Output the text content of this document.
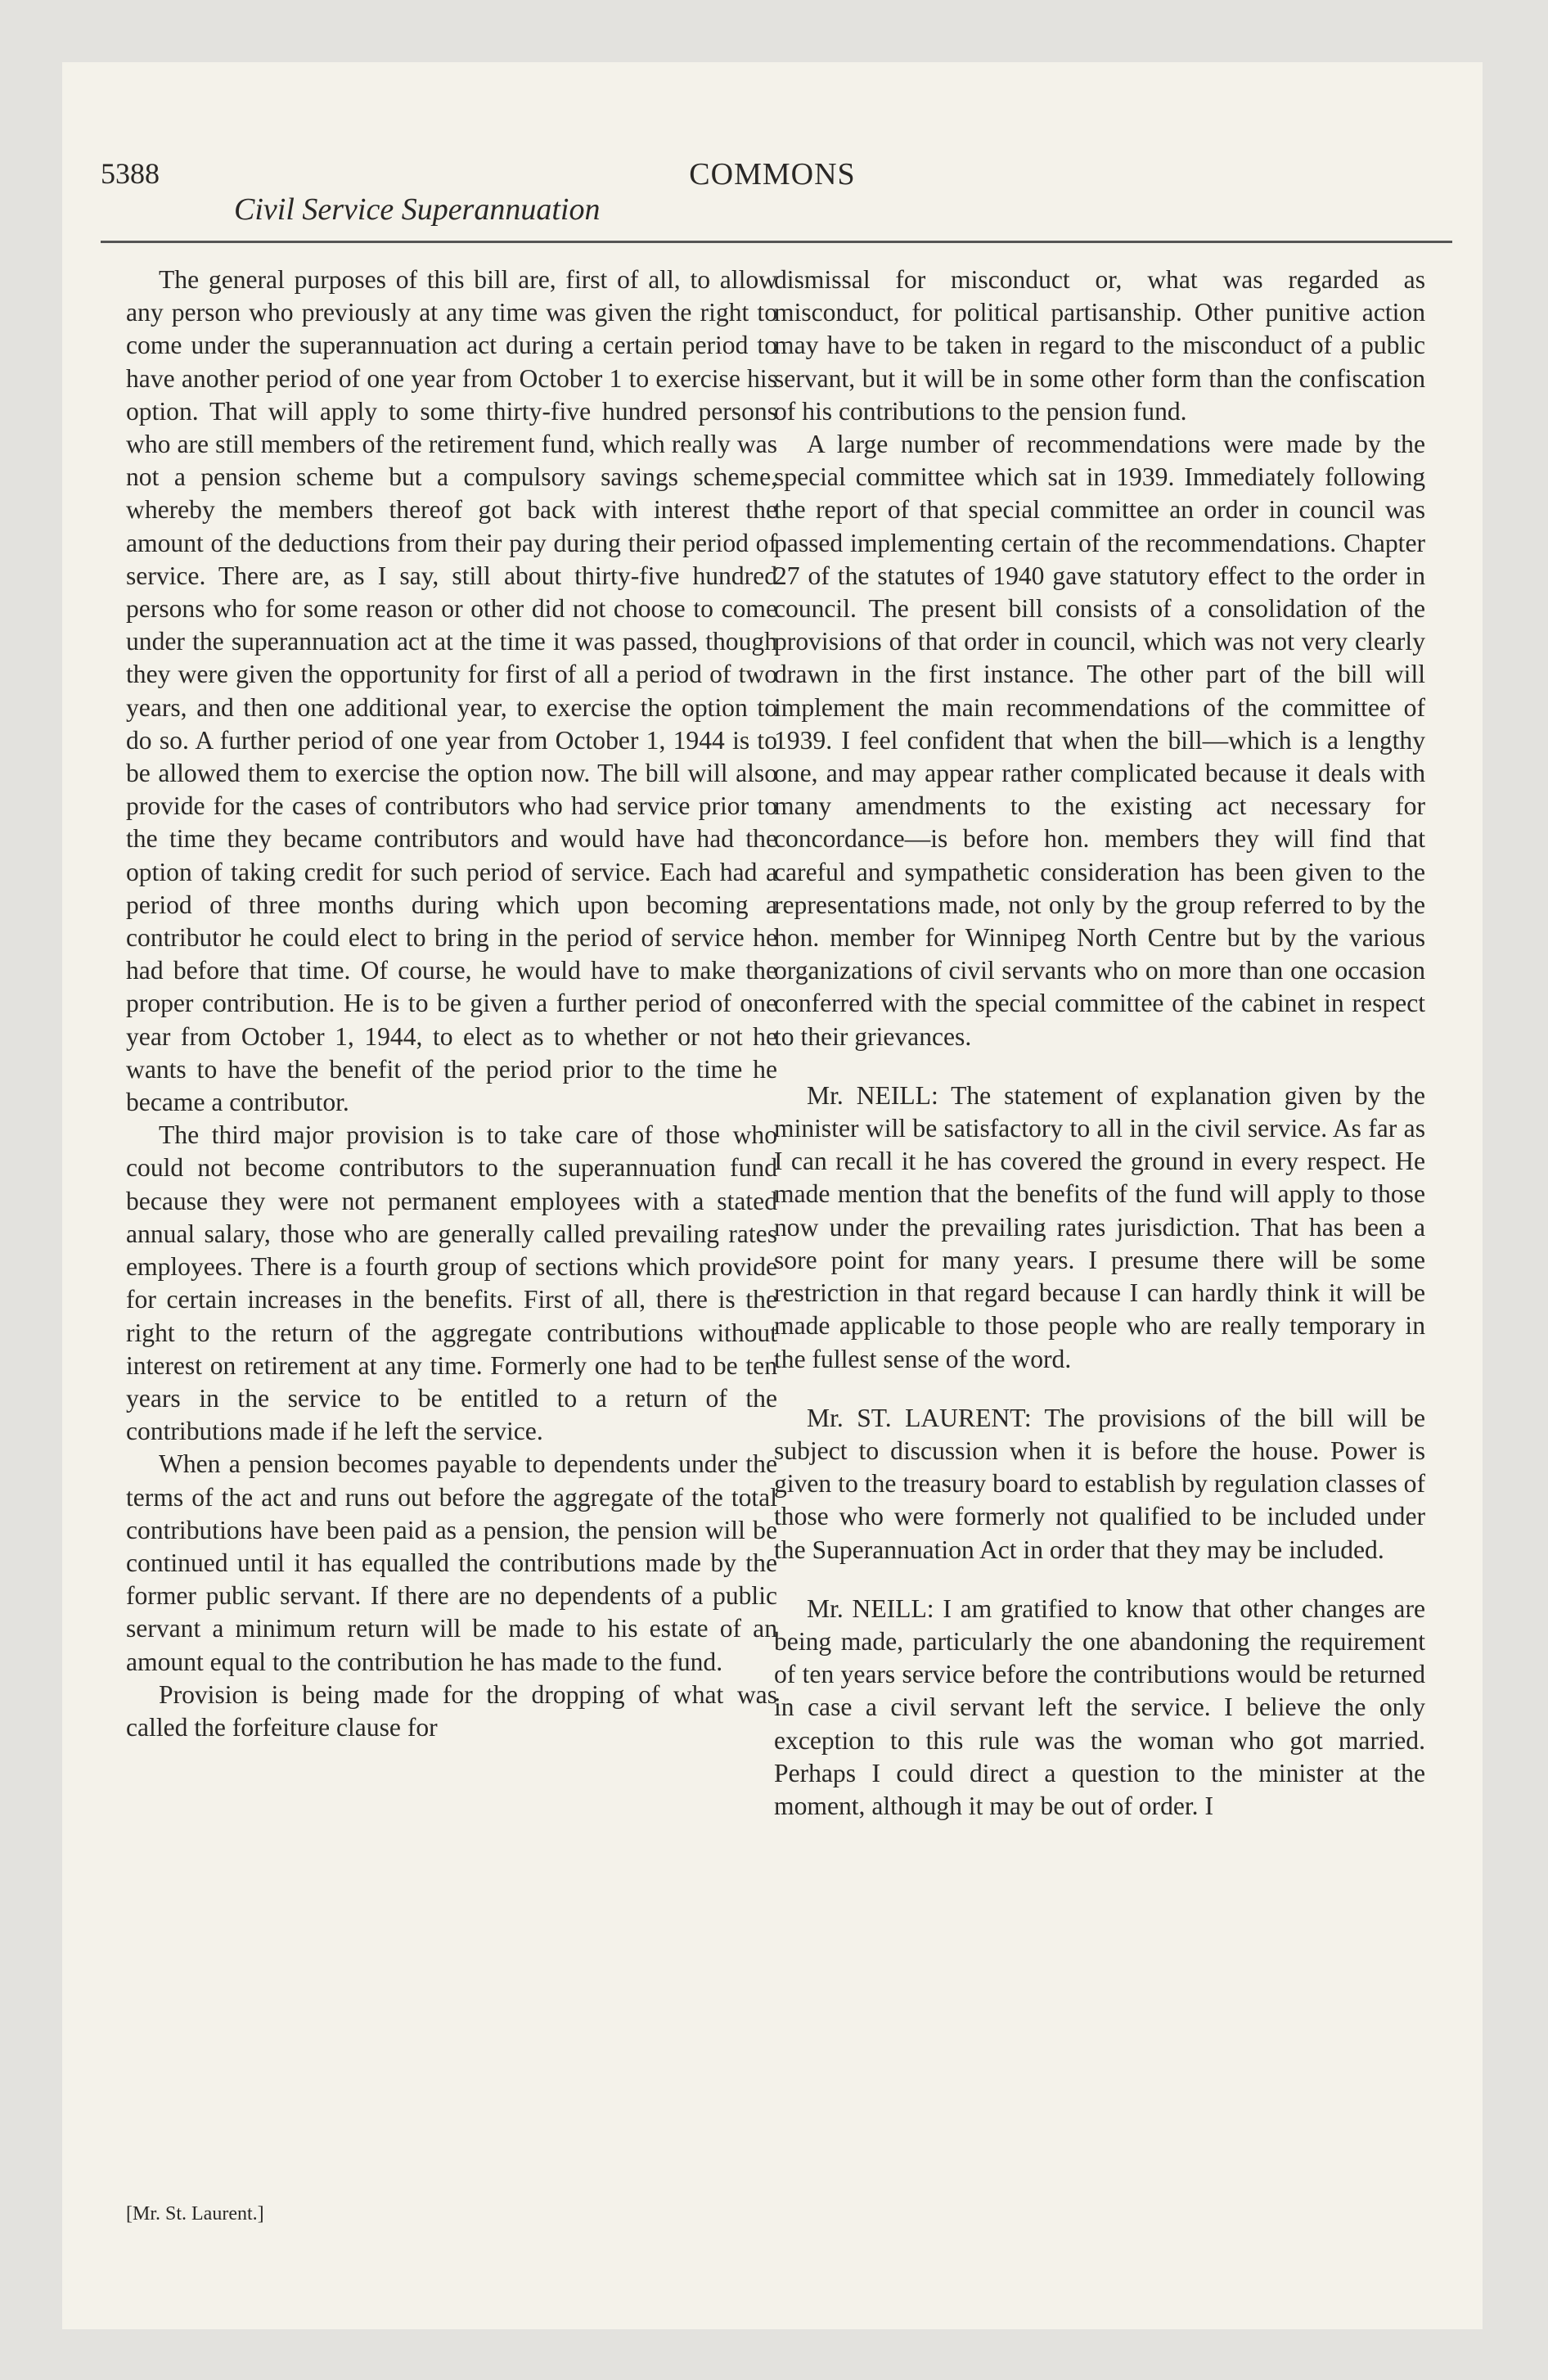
5388	COMMONS
Civil Service Superannuation

The general purposes of this bill are, first of all, to allow any person who previously at any time was given the right to come under the superannuation act during a certain period to have another period of one year from October 1 to exercise his option. That will apply to some thirty-five hundred persons who are still members of the retirement fund, which really was not a pension scheme but a compulsory savings scheme, whereby the members thereof got back with interest the amount of the deductions from their pay during their period of service. There are, as I say, still about thirty-five hundred persons who for some reason or other did not choose to come under the superannuation act at the time it was passed, though they were given the opportunity for first of all a period of two years, and then one additional year, to exercise the option to do so. A further period of one year from October 1, 1944 is to be allowed them to exercise the option now. The bill will also provide for the cases of contributors who had service prior to the time they became contributors and would have had the option of taking credit for such period of service. Each had a period of three months during which upon becoming a contributor he could elect to bring in the period of service he had before that time. Of course, he would have to make the proper contribution. He is to be given a further period of one year from October 1, 1944, to elect as to whether or not he wants to have the benefit of the period prior to the time he became a contributor.

The third major provision is to take care of those who could not become contributors to the superannuation fund because they were not permanent employees with a stated annual salary, those who are generally called prevailing rates employees. There is a fourth group of sections which provide for certain increases in the benefits. First of all, there is the right to the return of the aggregate contributions without interest on retirement at any time. Formerly one had to be ten years in the service to be entitled to a return of the contributions made if he left the service.

When a pension becomes payable to dependents under the terms of the act and runs out before the aggregate of the total contributions have been paid as a pension, the pension will be continued until it has equalled the contributions made by the former public servant. If there are no dependents of a public servant a minimum return will be made to his estate of an amount equal to the contribution he has made to the fund.

Provision is being made for the dropping of what was called the forfeiture clause for

dismissal for misconduct or, what was regarded as misconduct, for political partisanship. Other punitive action may have to be taken in regard to the misconduct of a public servant, but it will be in some other form than the confiscation of his contributions to the pension fund.

A large number of recommendations were made by the special committee which sat in 1939. Immediately following the report of that special committee an order in council was passed implementing certain of the recommendations. Chapter 27 of the statutes of 1940 gave statutory effect to the order in council. The present bill consists of a consolidation of the provisions of that order in council, which was not very clearly drawn in the first instance. The other part of the bill will implement the main recommendations of the committee of 1939. I feel confident that when the bill—which is a lengthy one, and may appear rather complicated because it deals with many amendments to the existing act necessary for concordance—is before hon. members they will find that careful and sympathetic consideration has been given to the representations made, not only by the group referred to by the hon. member for Winnipeg North Centre but by the various organizations of civil servants who on more than one occasion conferred with the special committee of the cabinet in respect to their grievances.

Mr. NEILL: The statement of explanation given by the minister will be satisfactory to all in the civil service. As far as I can recall it he has covered the ground in every respect. He made mention that the benefits of the fund will apply to those now under the prevailing rates jurisdiction. That has been a sore point for many years. I presume there will be some restriction in that regard because I can hardly think it will be made applicable to those people who are really temporary in the fullest sense of the word.

Mr. ST. LAURENT: The provisions of the bill will be subject to discussion when it is before the house. Power is given to the treasury board to establish by regulation classes of those who were formerly not qualified to be included under the Superannuation Act in order that they may be included.

Mr. NEILL: I am gratified to know that other changes are being made, particularly the one abandoning the requirement of ten years service before the contributions would be returned in case a civil servant left the service. I believe the only exception to this rule was the woman who got married. Perhaps I could direct a question to the minister at the moment, although it may be out of order. I

[Mr. St. Laurent.]
